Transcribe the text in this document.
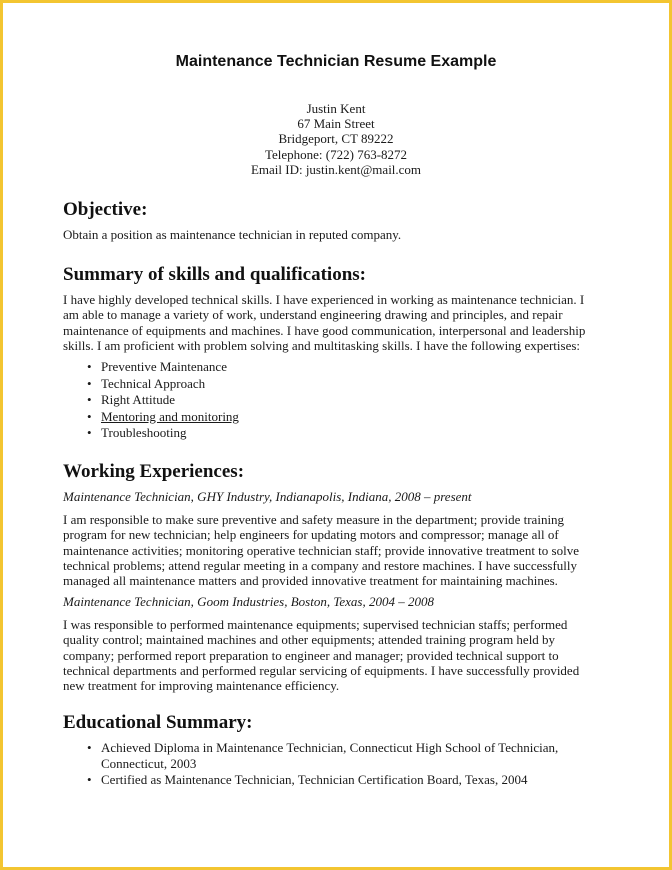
Maintenance Technician Resume Example
Justin Kent
67 Main Street
Bridgeport, CT 89222
Telephone: (722) 763-8272
Email ID: justin.kent@mail.com
Objective:
Obtain a position as maintenance technician in reputed company.
Summary of skills and qualifications:
I have highly developed technical skills. I have experienced in working as maintenance technician. I
am able to manage a variety of work, understand engineering drawing and principles, and repair
maintenance of equipments and machines. I have good communication, interpersonal and leadership
skills. I am proficient with problem solving and multitasking skills. I have the following expertises:
• Preventive Maintenance
• Technical Approach
• Right Attitude
• Mentoring and monitoring
• Troubleshooting
Working Experiences:
Maintenance Technician, GHY Industry, Indianapolis, Indiana, 2008 – present
I am responsible to make sure preventive and safety measure in the department; provide training
program for new technician; help engineers for updating motors and compressor; manage all of
maintenance activities; monitoring operative technician staff; provide innovative treatment to solve
technical problems; attend regular meeting in a company and restore machines. I have successfully
managed all maintenance matters and provided innovative treatment for maintaining machines.
Maintenance Technician, Goom Industries, Boston, Texas, 2004 – 2008
I was responsible to performed maintenance equipments; supervised technician staffs; performed
quality control; maintained machines and other equipments; attended training program held by
company; performed report preparation to engineer and manager; provided technical support to
technical departments and performed regular servicing of equipments. I have successfully provided
new treatment for improving maintenance efficiency.
Educational Summary:
• Achieved Diploma in Maintenance Technician, Connecticut High School of Technician,
Connecticut, 2003
• Certified as Maintenance Technician, Technician Certification Board, Texas, 2004
